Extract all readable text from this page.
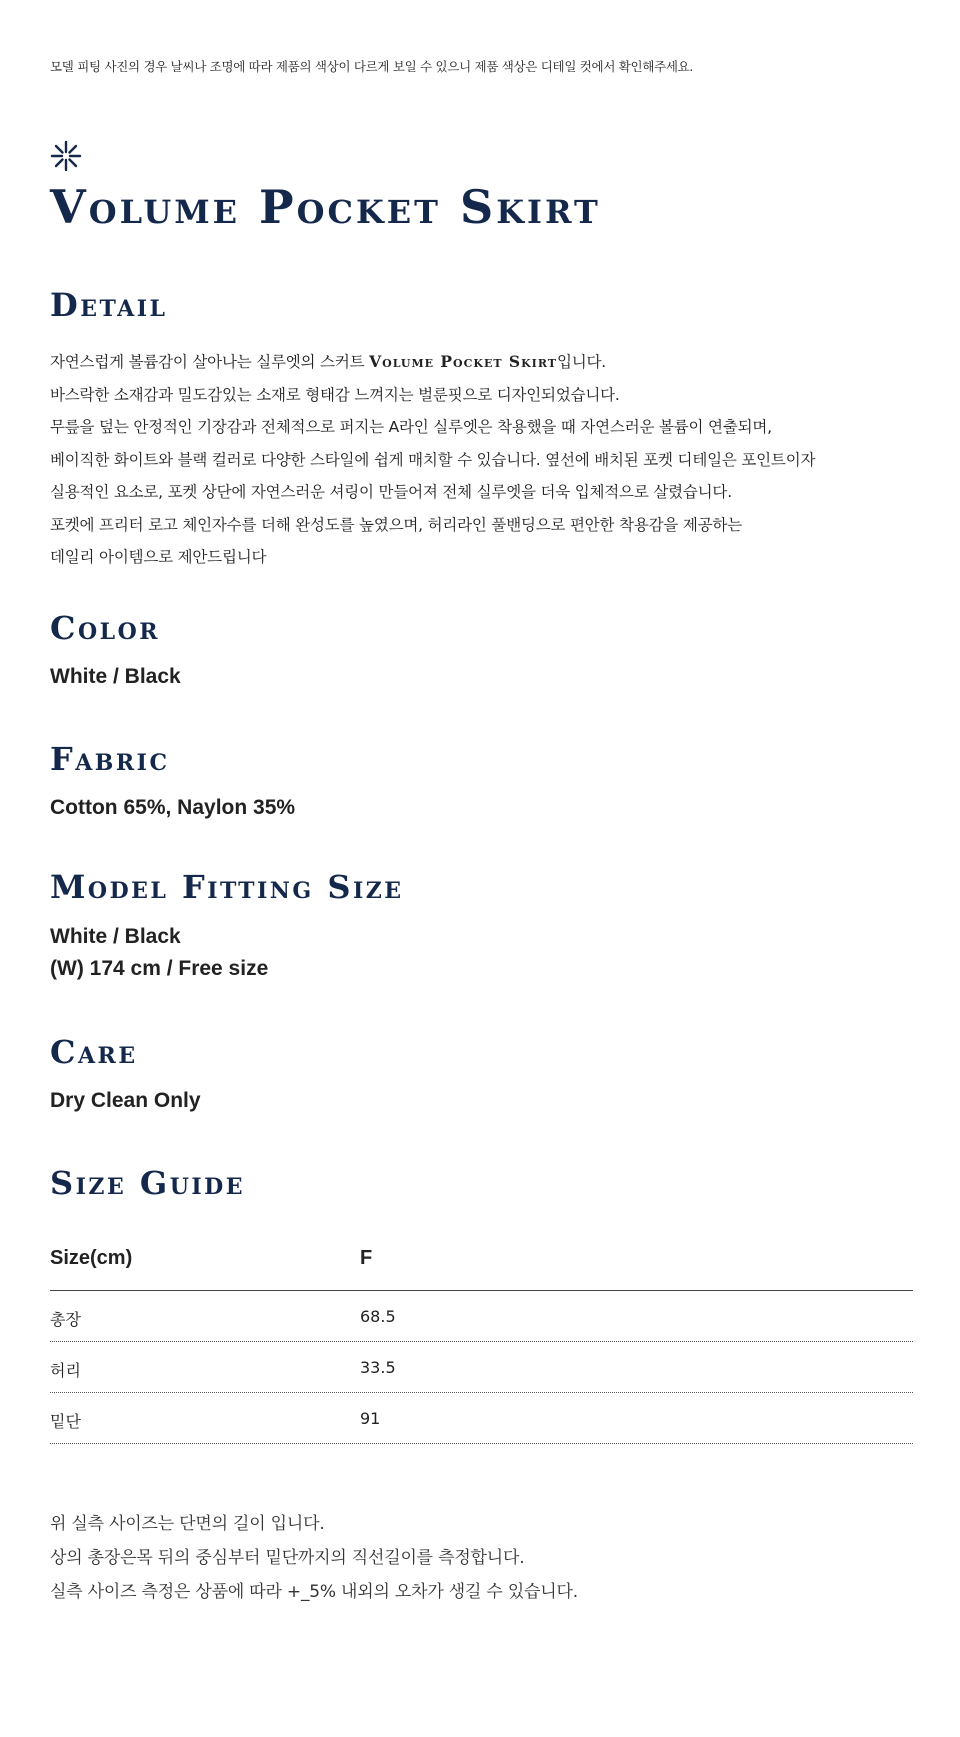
모델 피팅 사진의 경우 날씨나 조명에 따라 제품의 색상이 다르게 보일 수 있으니 제품 색상은 디테일 컷에서 확인해주세요.
Volume Pocket Skirt
Detail
자연스럽게 볼륨감이 살아나는 실루엣의 스커트 Volume Pocket Skirt입니다.
바스락한 소재감과 밀도감있는 소재로 형태감 느껴지는 벌룬핏으로 디자인되었습니다.
무릎을 덮는 안정적인 기장감과 전체적으로 퍼지는 A라인 실루엣은 착용했을 때 자연스러운 볼륨이 연출되며,
베이직한 화이트와 블랙 컬러로 다양한 스타일에 쉽게 매치할 수 있습니다. 옆선에 배치된 포켓 디테일은 포인트이자
실용적인 요소로, 포켓 상단에 자연스러운 셔링이 만들어져 전체 실루엣을 더욱 입체적으로 살렸습니다.
포켓에 프리터 로고 체인자수를 더해 완성도를 높였으며, 허리라인 풀밴딩으로 편안한 착용감을 제공하는
데일리 아이템으로 제안드립니다
Color
White / Black
Fabric
Cotton 65%, Naylon 35%
Model Fitting Size
White / Black
(W) 174 cm / Free size
Care
Dry Clean Only
Size Guide
Size(cm)	F
총장	68.5
허리	33.5
밑단	91
위 실측 사이즈는 단면의 길이 입니다.
상의 총장은목 뒤의 중심부터 밑단까지의 직선길이를 측정합니다.
실측 사이즈 측정은 상품에 따라 +_5% 내외의 오차가 생길 수 있습니다.
